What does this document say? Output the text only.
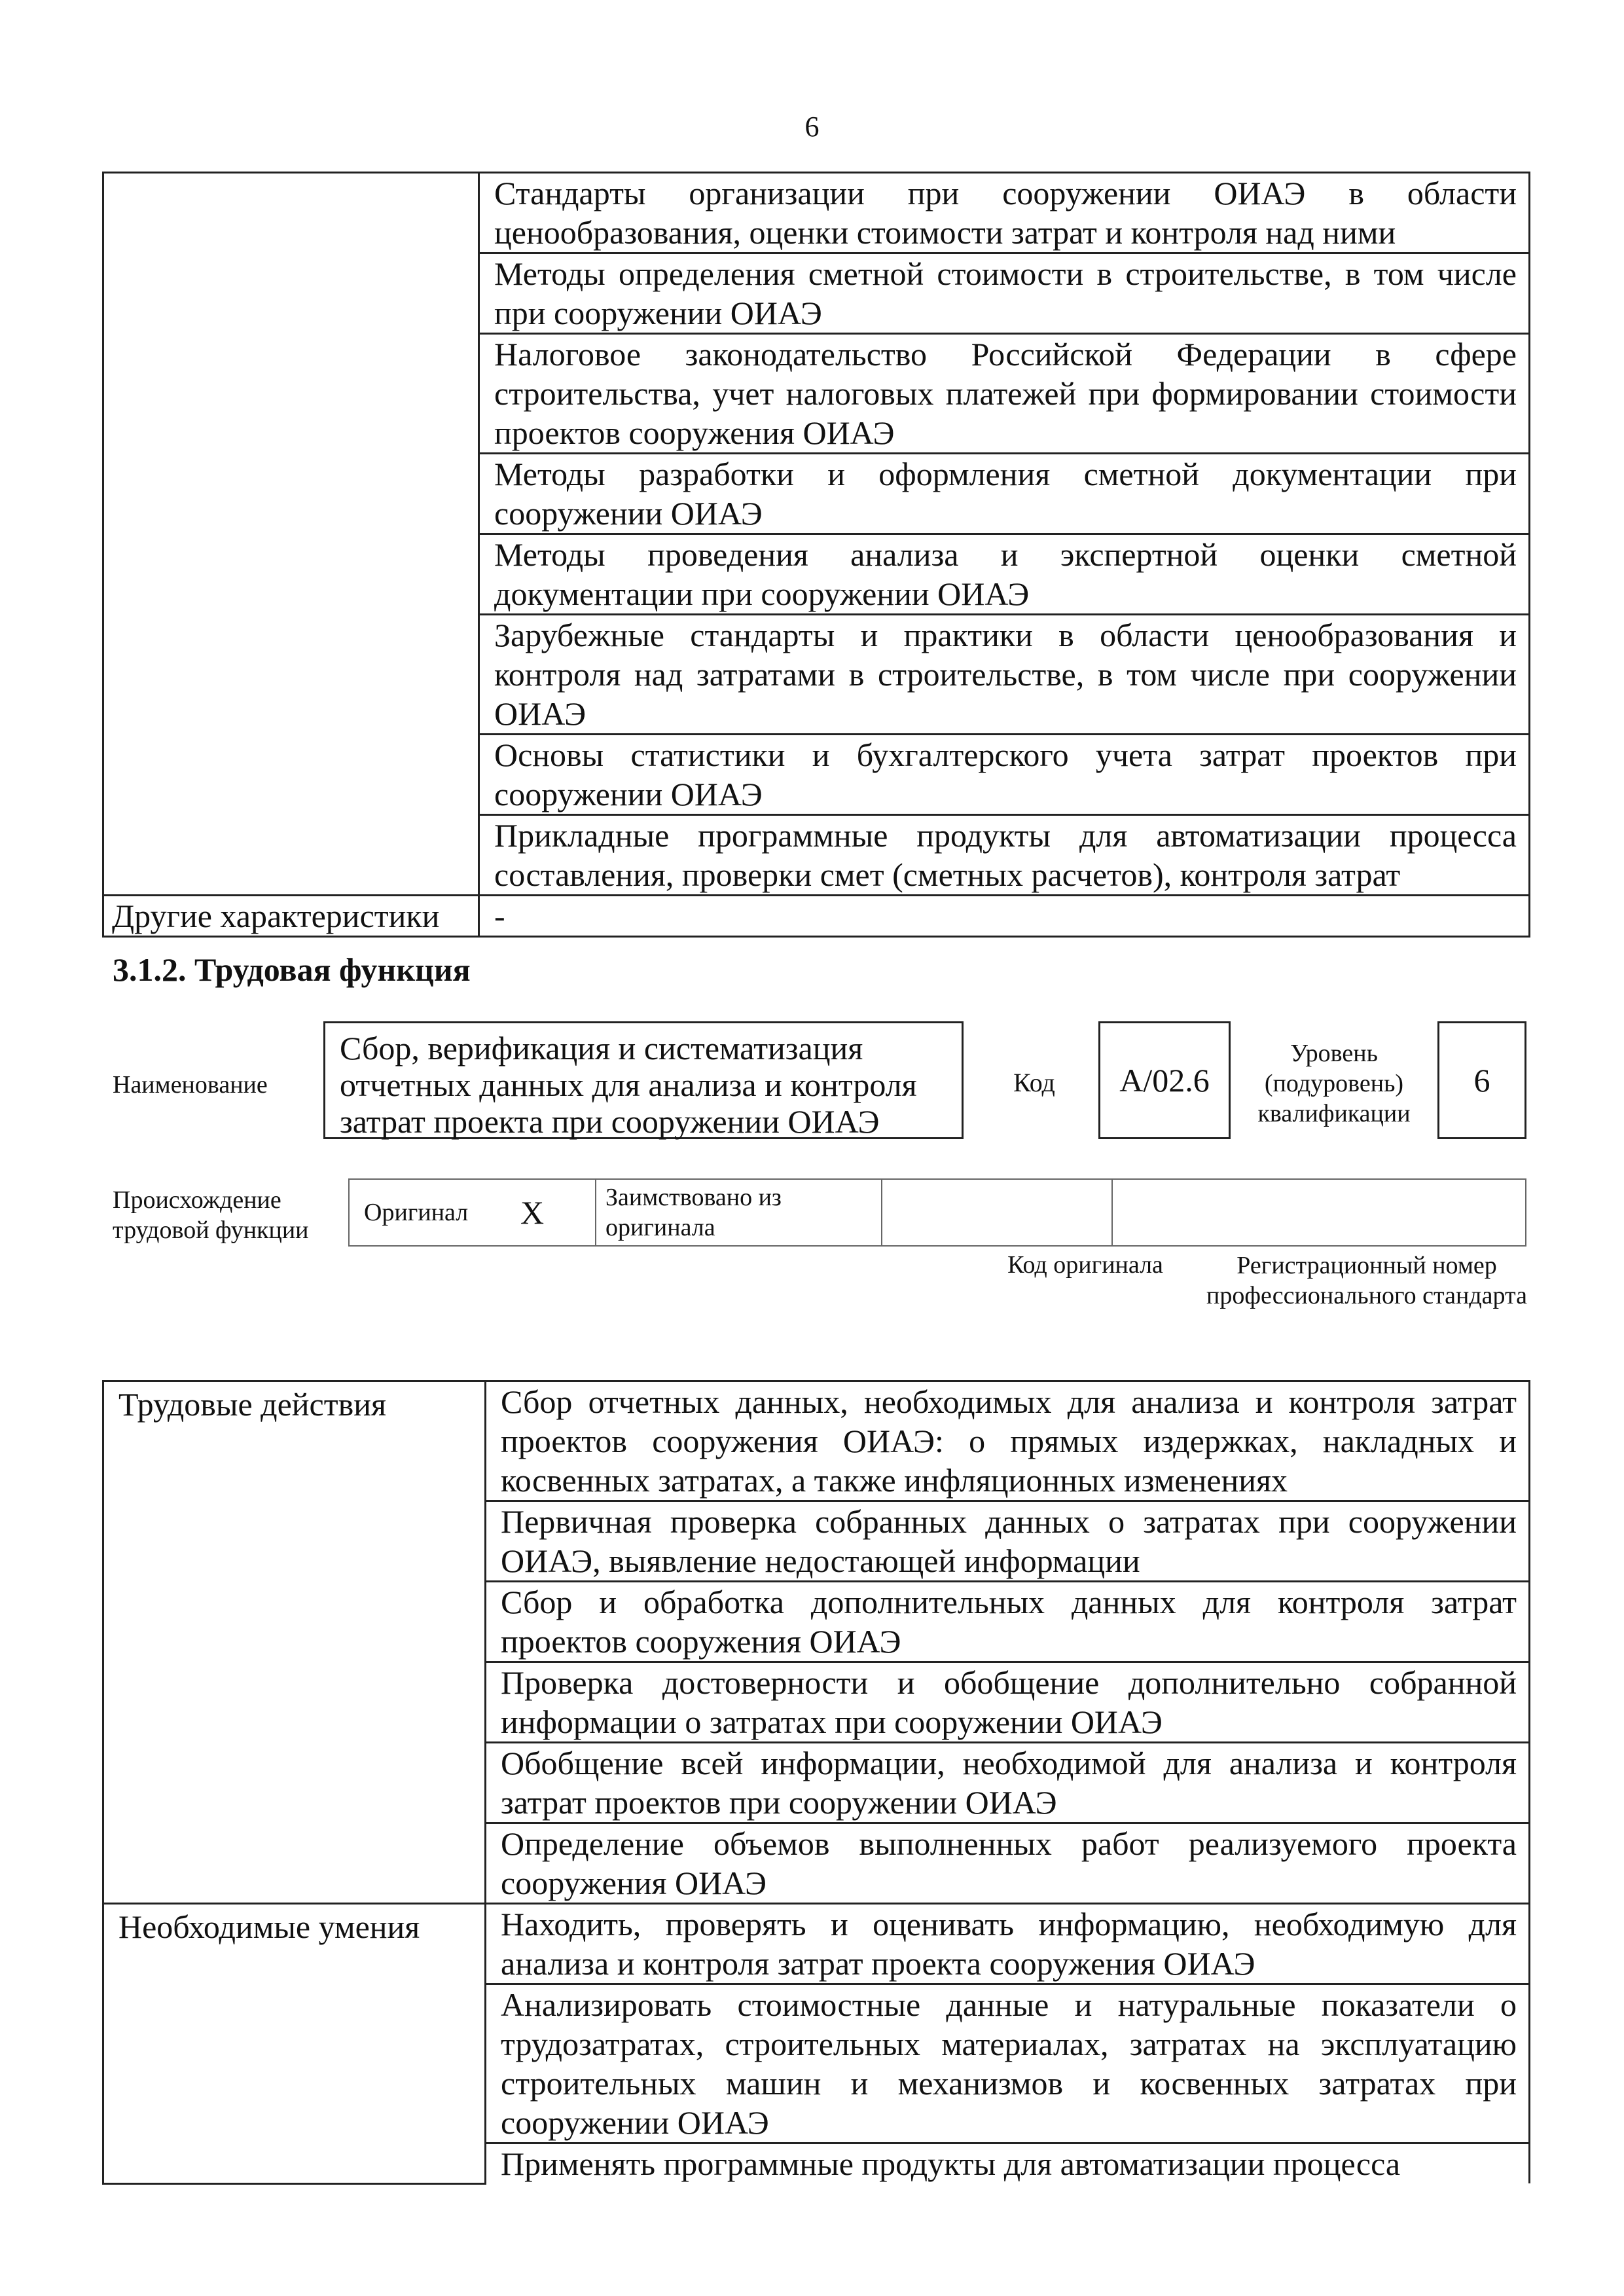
6
	Стандарты организации при сооружении ОИАЭ в области ценообразования, оценки стоимости затрат и контроля над ними
	Методы определения сметной стоимости в строительстве, в том числе при сооружении ОИАЭ
	Налоговое законодательство Российской Федерации в сфере строительства, учет налоговых платежей при формировании стоимости проектов сооружения ОИАЭ
	Методы разработки и оформления сметной документации при сооружении ОИАЭ
	Методы проведения анализа и экспертной оценки сметной документации при сооружении ОИАЭ
	Зарубежные стандарты и практики в области ценообразования и контроля над затратами в строительстве, в том числе при сооружении ОИАЭ
	Основы статистики и бухгалтерского учета затрат проектов при сооружении ОИАЭ
	Прикладные программные продукты для автоматизации процесса составления, проверки смет (сметных расчетов), контроля затрат
Другие характеристики	-
3.1.2. Трудовая функция
Наименование
Сбор, верификация и систематизация отчетных данных для анализа и контроля затрат проекта при сооружении ОИАЭ
Код	A/02.6
Уровень (подуровень) квалификации
6
Происхождение трудовой функции
Оригинал	X	Заимствовано из оригинала		
Код оригинала	Регистрационный номер профессионального стандарта
Трудовые действия	Сбор отчетных данных, необходимых для анализа и контроля затрат проектов сооружения ОИАЭ: о прямых издержках, накладных и косвенных затратах, а также инфляционных изменениях
	Первичная проверка собранных данных о затратах при сооружении ОИАЭ, выявление недостающей информации
	Сбор и обработка дополнительных данных для контроля затрат проектов сооружения ОИАЭ
	Проверка достоверности и обобщение дополнительно собранной информации о затратах при сооружении ОИАЭ
	Обобщение всей информации, необходимой для анализа и контроля затрат проектов при сооружении ОИАЭ
	Определение объемов выполненных работ реализуемого проекта сооружения ОИАЭ
Необходимые умения	Находить, проверять и оценивать информацию, необходимую для анализа и контроля затрат проекта сооружения ОИАЭ
	Анализировать стоимостные данные и натуральные показатели о трудозатратах, строительных материалах, затратах на эксплуатацию строительных машин и механизмов и косвенных затратах при сооружении ОИАЭ
	Применять программные продукты для автоматизации процесса
